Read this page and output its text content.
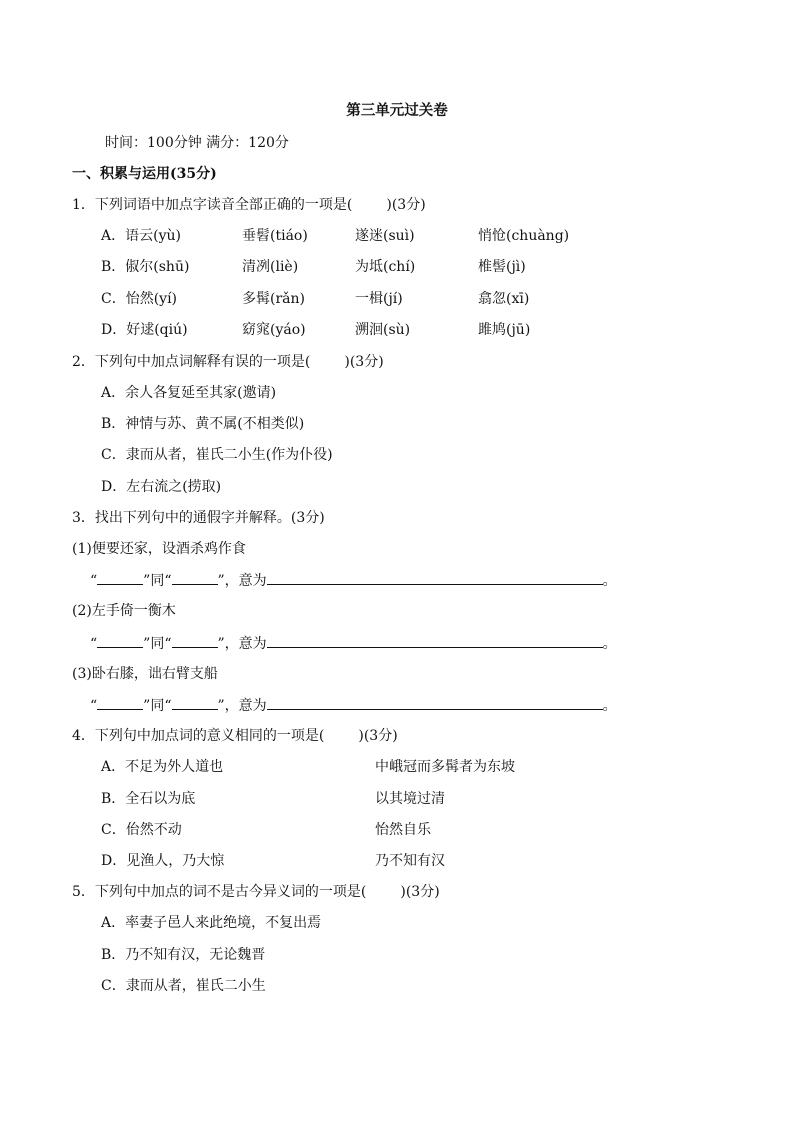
第三单元过关卷
时间：100分钟 满分：120分
一、积累与运用(35分)
1．下列词语中加点字读音全部正确的一项是( )(3分)
A．语云(yù)	垂髫(tiáo)	遂迷(suì)	悄怆(chuàng)
B．俶尔(shū)	清冽(liè)	为坻(chí)	椎髻(jì)
C．怡然(yí)	多髯(rǎn)	一楫(jí)	翕忽(xī)
D．好逑(qiú)	窈窕(yáo)	溯洄(sù)	雎鸠(jū)
2．下列句中加点词解释有误的一项是( )(3分)
A．余人各复延至其家(邀请)
B．神情与苏、黄不属(不相类似)
C．隶而从者，崔氏二小生(作为仆役)
D．左右流之(捞取)
3．找出下列句中的通假字并解释。(3分)
(1)便要还家，设酒杀鸡作食
“	”同“	”，意为	。
(2)左手倚一衡木
“	”同“	”，意为	。
(3)卧右膝，诎右臂支船
“	”同“	”，意为	。
4．下列句中加点词的意义相同的一项是( )(3分)
A．不足为外人道也	中峨冠而多髯者为东坡
B．全石以为底	以其境过清
C．佁然不动	怡然自乐
D．见渔人，乃大惊	乃不知有汉
5．下列句中加点的词不是古今异义词的一项是( )(3分)
A．率妻子邑人来此绝境，不复出焉
B．乃不知有汉，无论魏晋
C．隶而从者，崔氏二小生
